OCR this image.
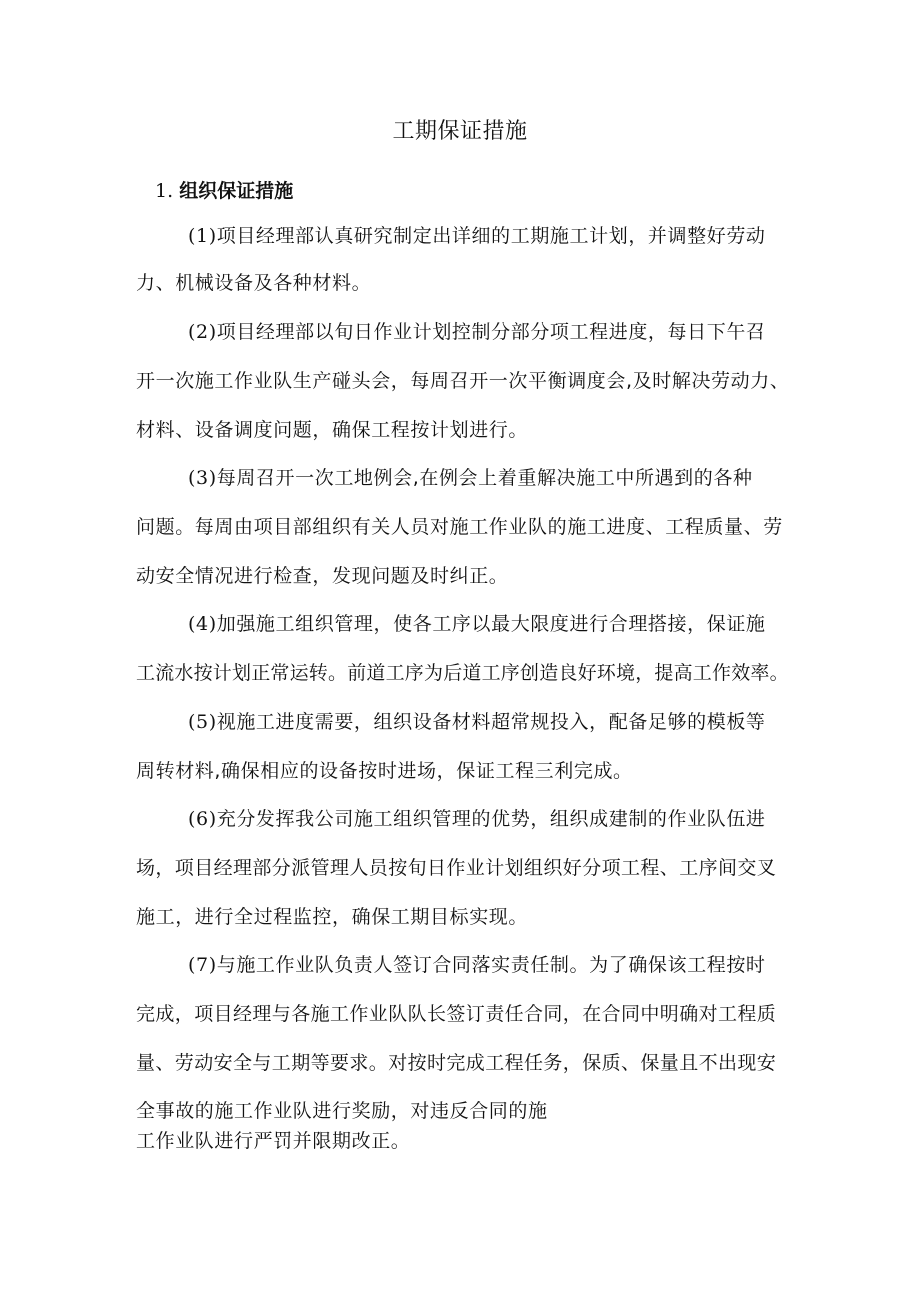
工期保证措施
1. 组织保证措施
(1)项目经理部认真研究制定出详细的工期施工计划，并调整好劳动
力、机械设备及各种材料。
(2)项目经理部以旬日作业计划控制分部分项工程进度，每日下午召
开一次施工作业队生产碰头会，每周召开一次平衡调度会,及时解决劳动力、
材料、设备调度问题，确保工程按计划进行。
(3)每周召开一次工地例会,在例会上着重解决施工中所遇到的各种
问题。每周由项目部组织有关人员对施工作业队的施工进度、工程质量、劳
动安全情况进行检查，发现问题及时纠正。
(4)加强施工组织管理，使各工序以最大限度进行合理搭接，保证施
工流水按计划正常运转。前道工序为后道工序创造良好环境，提高工作效率。
(5)视施工进度需要，组织设备材料超常规投入，配备足够的模板等
周转材料,确保相应的设备按时进场，保证工程三利完成。
(6)充分发挥我公司施工组织管理的优势，组织成建制的作业队伍进
场，项目经理部分派管理人员按旬日作业计划组织好分项工程、工序间交叉
施工，进行全过程监控，确保工期目标实现。
(7)与施工作业队负责人签订合同落实责任制。为了确保该工程按时
完成，项目经理与各施工作业队队长签订责任合同，在合同中明确对工程质
量、劳动安全与工期等要求。对按时完成工程任务，保质、保量且不出现安
全事故的施工作业队进行奖励，对违反合同的施
工作业队进行严罚并限期改正。
